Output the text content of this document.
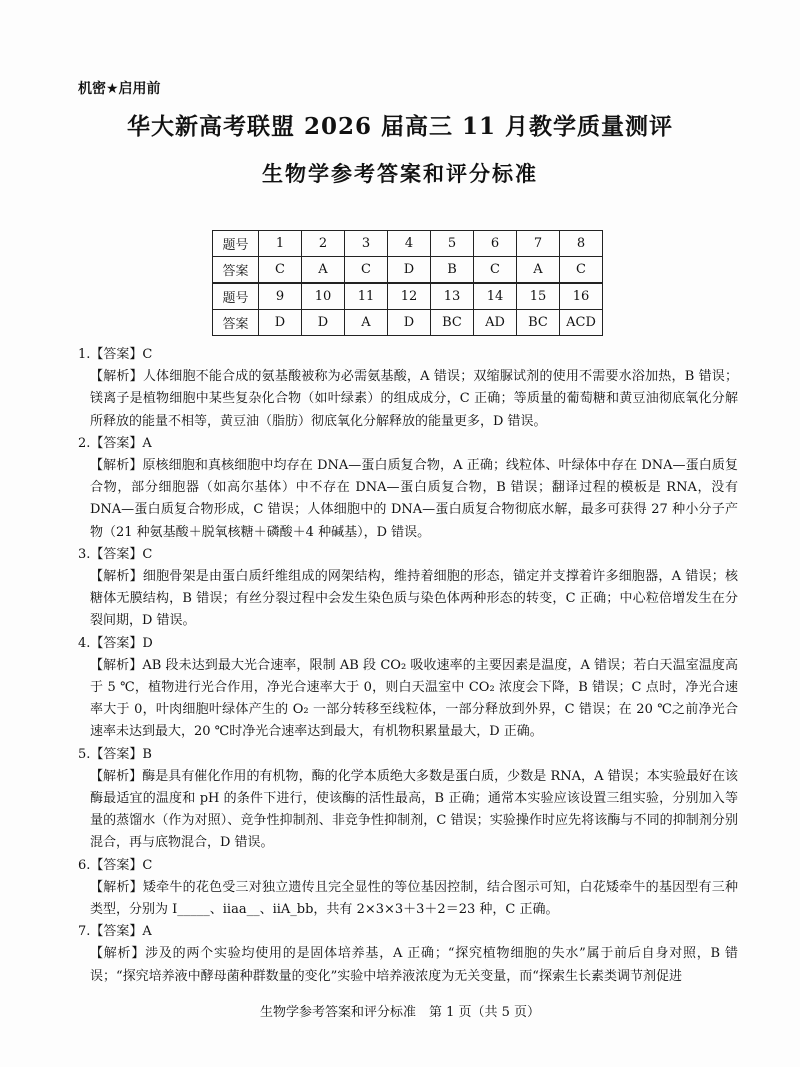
机密★启用前
华大新高考联盟 2026 届高三 11 月教学质量测评
生物学参考答案和评分标准
题号	1	2	3	4	5	6	7	8
答案	C	A	C	D	B	C	A	C
题号	9	10	11	12	13	14	15	16
答案	D	D	A	D	BC	AD	BC	ACD

1.【答案】C

【解析】人体细胞不能合成的氨基酸被称为必需氨基酸，A 错误；双缩脲试剂的使用不需要水浴加热，B 错误；镁离子是植物细胞中某些复杂化合物（如叶绿素）的组成成分，C 正确；等质量的葡萄糖和黄豆油彻底氧化分解所释放的能量不相等，黄豆油（脂肪）彻底氧化分解释放的能量更多，D 错误。

2.【答案】A

【解析】原核细胞和真核细胞中均存在 DNA—蛋白质复合物，A 正确；线粒体、叶绿体中存在 DNA—蛋白质复合物，部分细胞器（如高尔基体）中不存在 DNA—蛋白质复合物，B 错误；翻译过程的模板是 RNA，没有 DNA—蛋白质复合物形成，C 错误；人体细胞中的 DNA—蛋白质复合物彻底水解，最多可获得 27 种小分子产物（21 种氨基酸＋脱氧核糖＋磷酸＋4 种碱基），D 错误。

3.【答案】C

【解析】细胞骨架是由蛋白质纤维组成的网架结构，维持着细胞的形态，锚定并支撑着许多细胞器，A 错误；核糖体无膜结构，B 错误；有丝分裂过程中会发生染色质与染色体两种形态的转变，C 正确；中心粒倍增发生在分裂间期，D 错误。

4.【答案】D

【解析】AB 段未达到最大光合速率，限制 AB 段 CO₂ 吸收速率的主要因素是温度，A 错误；若白天温室温度高于 5 ℃，植物进行光合作用，净光合速率大于 0，则白天温室中 CO₂ 浓度会下降，B 错误；C 点时，净光合速率大于 0，叶肉细胞叶绿体产生的 O₂ 一部分转移至线粒体，一部分释放到外界，C 错误；在 20 ℃之前净光合速率未达到最大，20 ℃时净光合速率达到最大，有机物积累量最大，D 正确。

5.【答案】B

【解析】酶是具有催化作用的有机物，酶的化学本质绝大多数是蛋白质，少数是 RNA，A 错误；本实验最好在该酶最适宜的温度和 pH 的条件下进行，使该酶的活性最高，B 正确；通常本实验应该设置三组实验，分别加入等量的蒸馏水（作为对照）、竞争性抑制剂、非竞争性抑制剂，C 错误；实验操作时应先将该酶与不同的抑制剂分别混合，再与底物混合，D 错误。

6.【答案】C

【解析】矮牵牛的花色受三对独立遗传且完全显性的等位基因控制，结合图示可知，白花矮牵牛的基因型有三种类型，分别为 I_____、iiaa__、iiA_bb，共有 2×3×3＋3＋2＝23 种，C 正确。

7.【答案】A

【解析】涉及的两个实验均使用的是固体培养基，A 正确；“探究植物细胞的失水”属于前后自身对照，B 错误；“探究培养液中酵母菌种群数量的变化”实验中培养液浓度为无关变量，而“探索生长素类调节剂促进

生物学参考答案和评分标准　第 1 页（共 5 页）
